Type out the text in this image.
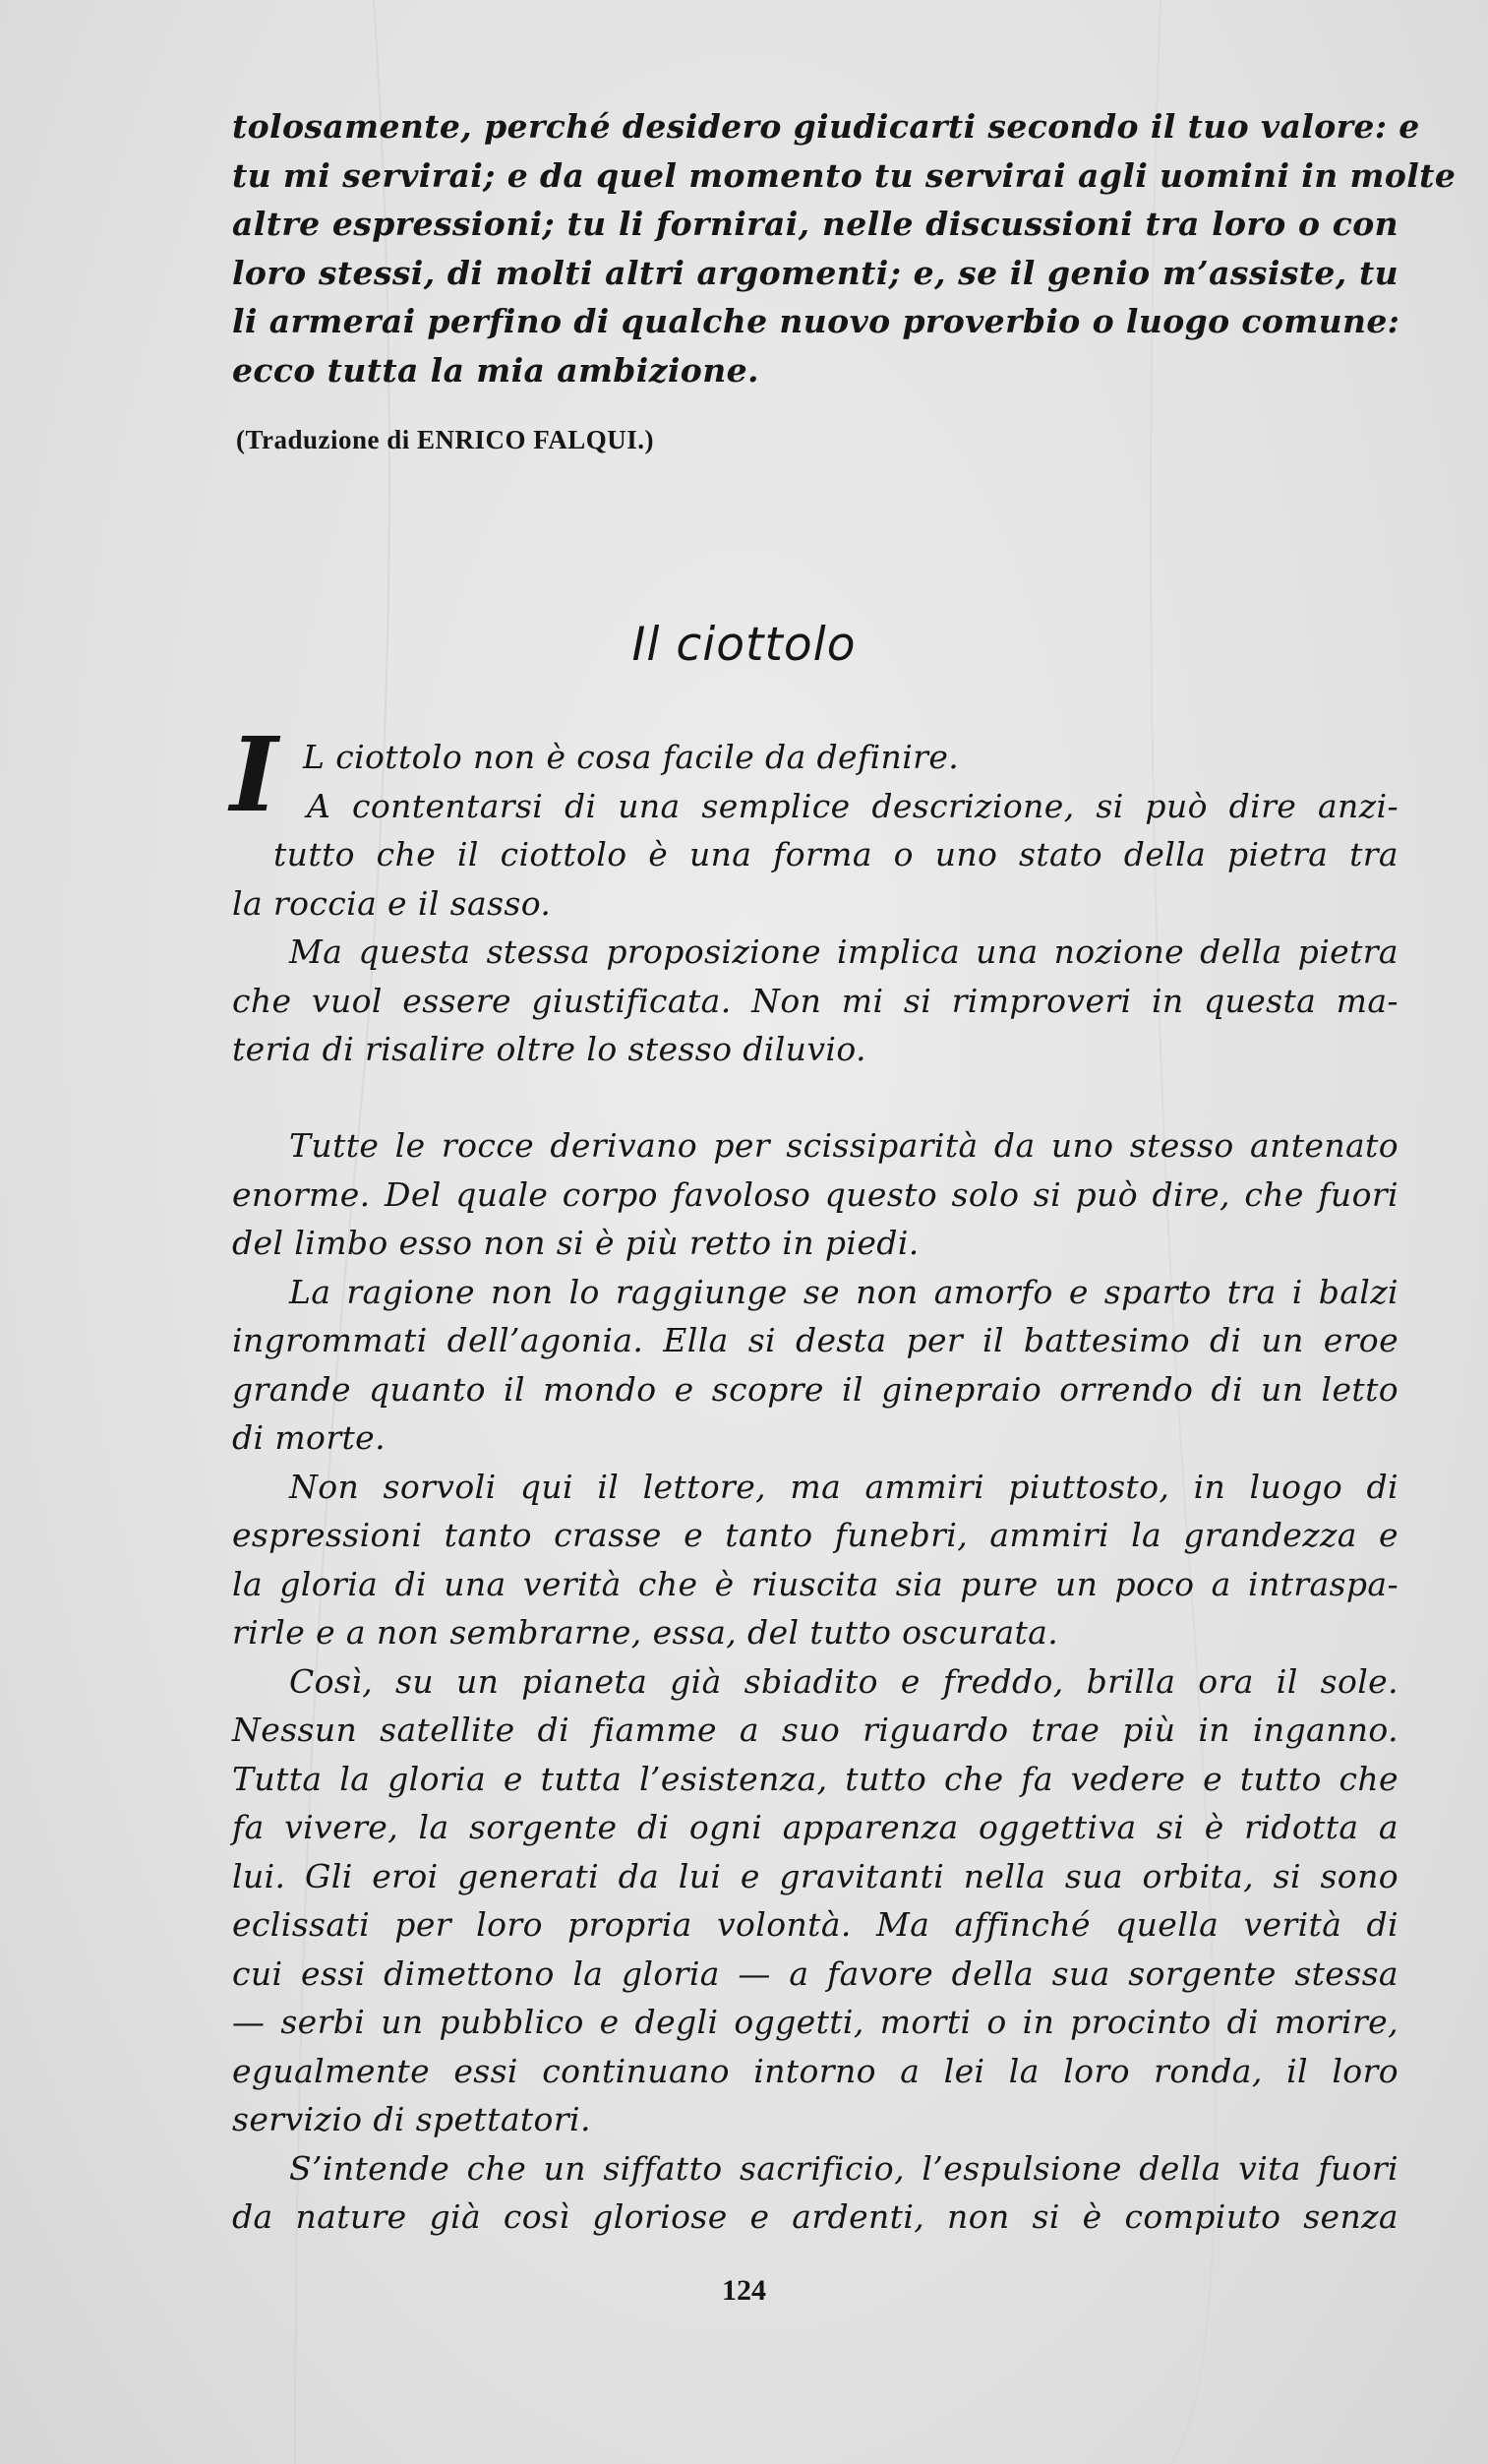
tolosamente, perché desidero giudicarti secondo il tuo valore: e
tu mi servirai; e da quel momento tu servirai agli uomini in molte
altre espressioni; tu li fornirai, nelle discussioni tra loro o con
loro stessi, di molti altri argomenti; e, se il genio m’assiste, tu
li armerai perfino di qualche nuovo proverbio o luogo comune:
ecco tutta la mia ambizione.
(Traduzione di ENRICO FALQUI.)
Il ciottolo
I L ciottolo non è cosa facile da definire.
A contentarsi di una semplice descrizione, si può dire anzi-
tutto che il ciottolo è una forma o uno stato della pietra tra
la roccia e il sasso.
Ma questa stessa proposizione implica una nozione della pietra
che vuol essere giustificata. Non mi si rimproveri in questa ma-
teria di risalire oltre lo stesso diluvio.
Tutte le rocce derivano per scissiparità da uno stesso antenato
enorme. Del quale corpo favoloso questo solo si può dire, che fuori
del limbo esso non si è più retto in piedi.
La ragione non lo raggiunge se non amorfo e sparto tra i balzi
ingrommati dell’agonia. Ella si desta per il battesimo di un eroe
grande quanto il mondo e scopre il ginepraio orrendo di un letto
di morte.
Non sorvoli qui il lettore, ma ammiri piuttosto, in luogo di
espressioni tanto crasse e tanto funebri, ammiri la grandezza e
la gloria di una verità che è riuscita sia pure un poco a intraspa-
rirle e a non sembrarne, essa, del tutto oscurata.
Così, su un pianeta già sbiadito e freddo, brilla ora il sole.
Nessun satellite di fiamme a suo riguardo trae più in inganno.
Tutta la gloria e tutta l’esistenza, tutto che fa vedere e tutto che
fa vivere, la sorgente di ogni apparenza oggettiva si è ridotta a
lui. Gli eroi generati da lui e gravitanti nella sua orbita, si sono
eclissati per loro propria volontà. Ma affinché quella verità di
cui essi dimettono la gloria — a favore della sua sorgente stessa
— serbi un pubblico e degli oggetti, morti o in procinto di morire,
egualmente essi continuano intorno a lei la loro ronda, il loro
servizio di spettatori.
S’intende che un siffatto sacrificio, l’espulsione della vita fuori
da nature già così gloriose e ardenti, non si è compiuto senza
124
